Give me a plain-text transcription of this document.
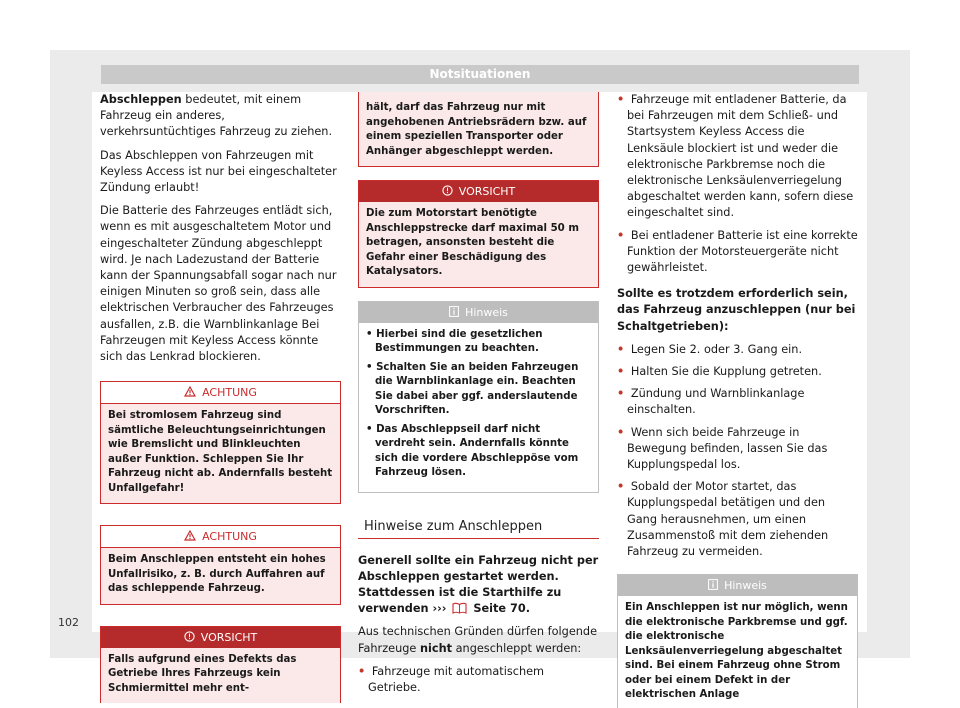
Notsituationen

Abschleppen bedeutet, mit einem Fahrzeug ein anderes, verkehrsuntüchtiges Fahrzeug zu ziehen.

Das Abschleppen von Fahrzeugen mit Keyless Access ist nur bei eingeschalteter Zündung erlaubt!

Die Batterie des Fahrzeuges entlädt sich, wenn es mit ausgeschaltetem Motor und eingeschalteter Zündung abgeschleppt wird. Je nach Ladezustand der Batterie kann der Spannungsabfall sogar nach nur einigen Minuten so groß sein, dass alle elektrischen Verbraucher des Fahrzeuges ausfallen, z.B. die Warnblinkanlage Bei Fahrzeugen mit Keyless Access könnte sich das Lenkrad blockieren.

ACHTUNG
Bei stromlosem Fahrzeug sind sämtliche Beleuchtungseinrichtungen wie Bremslicht und Blinkleuchten außer Funktion. Schleppen Sie Ihr Fahrzeug nicht ab. Andernfalls besteht Unfallgefahr!
ACHTUNG
Beim Anschleppen entsteht ein hohes Unfallrisiko, z. B. durch Auffahren auf das schleppende Fahrzeug.
VORSICHT
Falls aufgrund eines Defekts das Getriebe Ihres Fahrzeugs kein Schmiermittel mehr ent-
hält, darf das Fahrzeug nur mit angehobenen Antriebsrädern bzw. auf einem speziellen Transporter oder Anhänger abgeschleppt werden.
VORSICHT
Die zum Motorstart benötigte Anschleppstrecke darf maximal 50 m betragen, ansonsten besteht die Gefahr einer Beschädigung des Katalysators.
Hinweis
• Hierbei sind die gesetzlichen Bestimmungen zu beachten.
• Schalten Sie an beiden Fahrzeugen die Warnblinkanlage ein. Beachten Sie dabei aber ggf. anderslautende Vorschriften.
• Das Abschleppseil darf nicht verdreht sein. Andernfalls könnte sich die vordere Abschleppöse vom Fahrzeug lösen.
Hinweise zum Anschleppen

Generell sollte ein Fahrzeug nicht per Abschleppen gestartet werden. Stattdessen ist die Starthilfe zu verwenden ››› Seite 70.

Aus technischen Gründen dürfen folgende Fahrzeuge nicht angeschleppt werden:

• Fahrzeuge mit automatischem Getriebe.
• Fahrzeuge mit entladener Batterie, da bei Fahrzeugen mit dem Schließ- und Startsystem Keyless Access die Lenksäule blockiert ist und weder die elektronische Parkbremse noch die elektronische Lenksäulenverriegelung abgeschaltet werden kann, sofern diese eingeschaltet sind.
• Bei entladener Batterie ist eine korrekte Funktion der Motorsteuergeräte nicht gewährleistet.

Sollte es trotzdem erforderlich sein, das Fahrzeug anzuschleppen (nur bei Schaltgetrieben):

• Legen Sie 2. oder 3. Gang ein.
• Halten Sie die Kupplung getreten.
• Zündung und Warnblinkanlage einschalten.
• Wenn sich beide Fahrzeuge in Bewegung befinden, lassen Sie das Kupplungspedal los.
• Sobald der Motor startet, das Kupplungspedal betätigen und den Gang herausnehmen, um einen Zusammenstoß mit dem ziehenden Fahrzeug zu vermeiden.
Hinweis
Ein Anschleppen ist nur möglich, wenn die elektronische Parkbremse und ggf. die elektronische Lenksäulenverriegelung abgeschaltet sind. Bei einem Fahrzeug ohne Strom oder bei einem Defekt in der elektrischen Anlage
102
